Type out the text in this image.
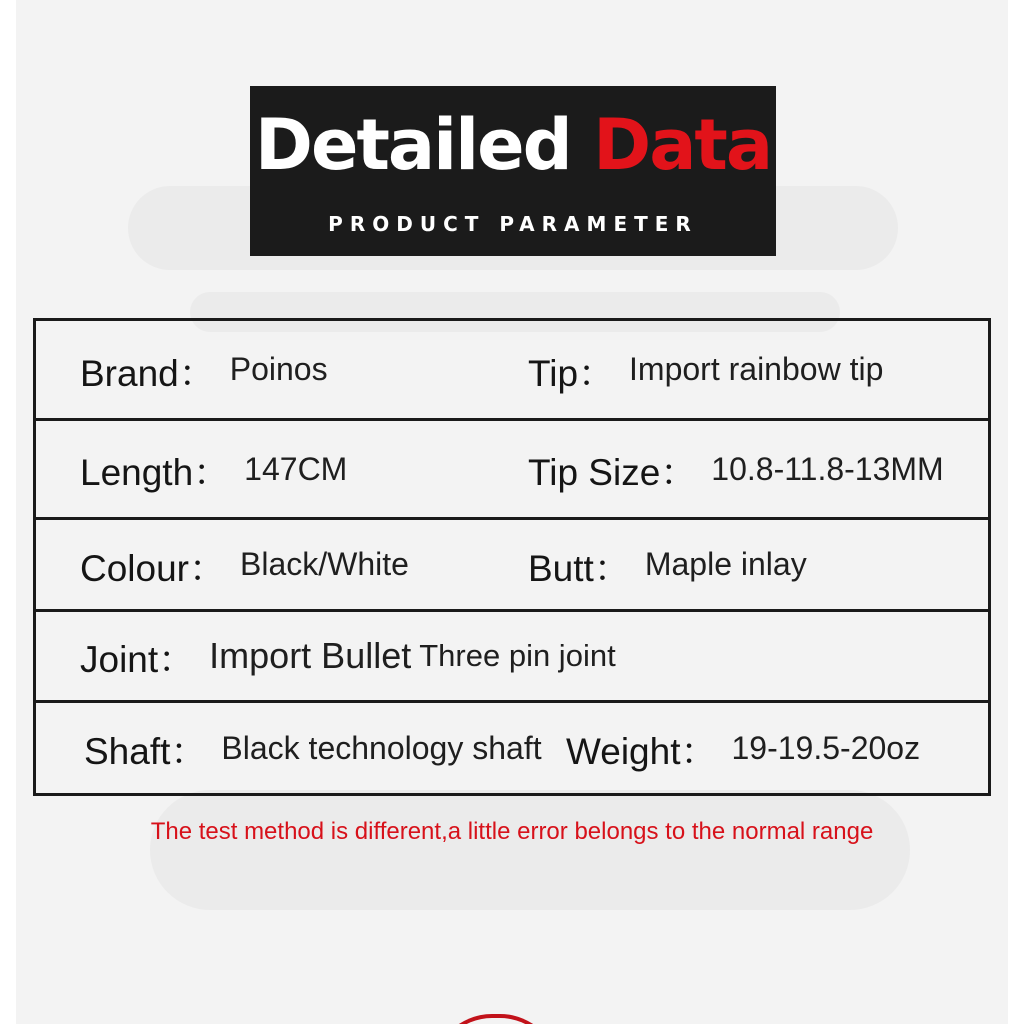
Detailed Data
PRODUCT PARAMETER
Brand： Poinos	Tip： Import rainbow tip
Length： 147CM	Tip Size： 10.8-11.8-13MM
Colour： Black/White	Butt： Maple inlay
Joint： Import Bullet Three pin joint
Shaft： Black technology shaft Weight： 19-19.5-20oz
The test method is different,a little error belongs to the normal range
